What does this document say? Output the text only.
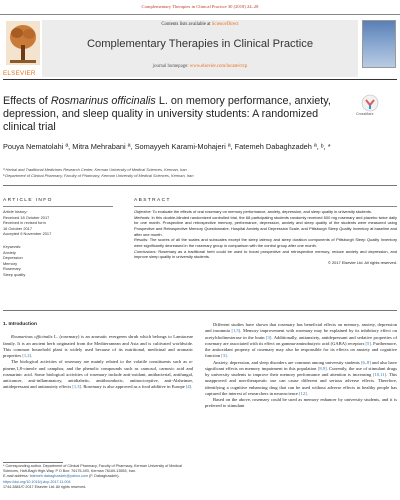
Complementary Therapies in Clinical Practice 30 (2018) 24–28
ELSEVIER
Contents lists available at ScienceDirect
Complementary Therapies in Clinical Practice
journal homepage: www.elsevier.com/locate/ctcp
Effects of Rosmarinus officinalis L. on memory performance, anxiety, depression, and sleep quality in university students: A randomized clinical trial
CrossMark
Pouya Nematolahi ª, Mitra Mehrabani ª, Somayyeh Karami-Mohajeri ª, Fatemeh Dabaghzadeh ª, ᵇ, *
ª Herbal and Traditional Medicines Research Center, Kerman University of Medical Sciences, Kerman, Iran
ᵇ Department of Clinical Pharmacy, Faculty of Pharmacy, Kerman University of Medical Sciences, Kerman, Iran
ARTICLE INFO	ABSTRACT
Article history:
Received 18 October 2017
Received in revised form
16 October 2017
Accepted 9 November 2017
Keywords:
Anxiety
Depression
Memory
Rosemary
Sleep quality
Objective: To evaluate the effects of oral rosemary on memory performance, anxiety, depression, and sleep quality in university students.
Methods: In this double-blinded randomized controlled trial, the 68 participating students randomly received 500 mg rosemary and placebo twice daily for one month. Prospective and retrospective memory, performance, depression, anxiety and sleep quality of the students were measured using Prospective and Retrospective Memory Questionnaire, Hospital Anxiety and Depression Scale, and Pittsburgh Sleep Quality Inventory at baseline and after one month.
Results: The scores of all the scales and subscales except the sleep latency and sleep duration components of Pittsburgh Sleep Quality Inventory were significantly decreased in the rosemary group in comparison with the control group after one month.
Conclusions: Rosemary as a traditional herb could be used to boost prospective and retrospective memory, reduce anxiety and depression, and improve sleep quality in university students.
© 2017 Elsevier Ltd. All rights reserved.

1. Introduction

Rosmarinus officinalis L. (rosemary) is an aromatic evergreen shrub which belongs to Lamiaceae family. It is an ancient herb originated from the Mediterranean and Asia and is cultivated worldwide. This common household plant is widely used because of its nutritional, medicinal and aromatic properties [1,2].

The biological activities of rosemary are mainly related to the volatile constituents such as α-pinene,1,8-cineole and camphor, and the phenolic compounds such as carnosol, carnosic acid and rosmarinic acid. Some biological activities of rosemary include anti-oxidant, antibacterial, antifungal, anticancer, anti-inflammatory, antidiabetic, antithrombotic, antinociceptive, anti-Alzheimer, antidepressant and antianxiety effects [1,3]. Rosemary is also approved as a food additive in Europe [4].

Different studies have shown that rosemary has beneficial effects on memory, anxiety, depression and insomnia [1,5]. Memory improvement with rosemary may be explained by its inhibitory effect on acetylcholinesterase in the brain [3]. Additionally, antianxiety, antidepressant and sedative properties of rosemary are associated with its effect on gamma-aminobutyric acid (GABA) receptors [5]. Furthermore, the antioxidant property of rosemary may also be responsible for its effects on anxiety and cognitive function [3].

Anxiety, depression, and sleep disorders are common among university students [6–8] and also have significant effects on memory impairment in this population [8,9]. Currently, the use of stimulant drugs by university students to improve their memory performance and attention is increasing [10,11]. This unapproved and non-therapeutic use can cause different and serious adverse effects. Therefore, identifying a cognitive enhancing drug that can be used without adverse effects in healthy people has captured the interest of researchers in neuroscience [12].

Based on the above, rosemary could be used as memory enhancer by university students, and it is preferred to stimulant

* Corresponding author. Department of Clinical Pharmacy, Faculty of Pharmacy, Kerman University of Medical Sciences, Haft-Bagh High-Way, P O Box: 76175-493, Kerman 76169-13555, Iran.
E-mail address: fatemeh.dabaghzadeh@yahoo.com (F. Dabaghzadeh).
https://doi.org/10.1016/j.ctcp.2017.11.004
1744-3881/© 2017 Elsevier Ltd. All rights reserved.
